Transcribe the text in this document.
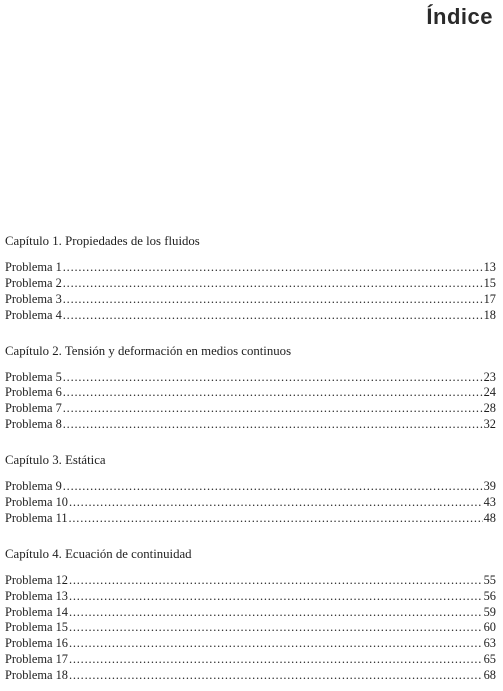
Índice
Capítulo 1. Propiedades de los fluidos
Problema 1 .....	13
Problema 2 .....	15
Problema 3 .....	17
Problema 4 .....	18
Capítulo 2. Tensión y deformación en medios continuos
Problema 5 .....	23
Problema 6 .....	24
Problema 7 .....	28
Problema 8 .....	32
Capítulo 3. Estática
Problema 9 .....	39
Problema 10 .....	43
Problema 11 .....	48
Capítulo 4. Ecuación de continuidad
Problema 12 .....	55
Problema 13 .....	56
Problema 14 .....	59
Problema 15 .....	60
Problema 16 .....	63
Problema 17 .....	65
Problema 18 .....	68
